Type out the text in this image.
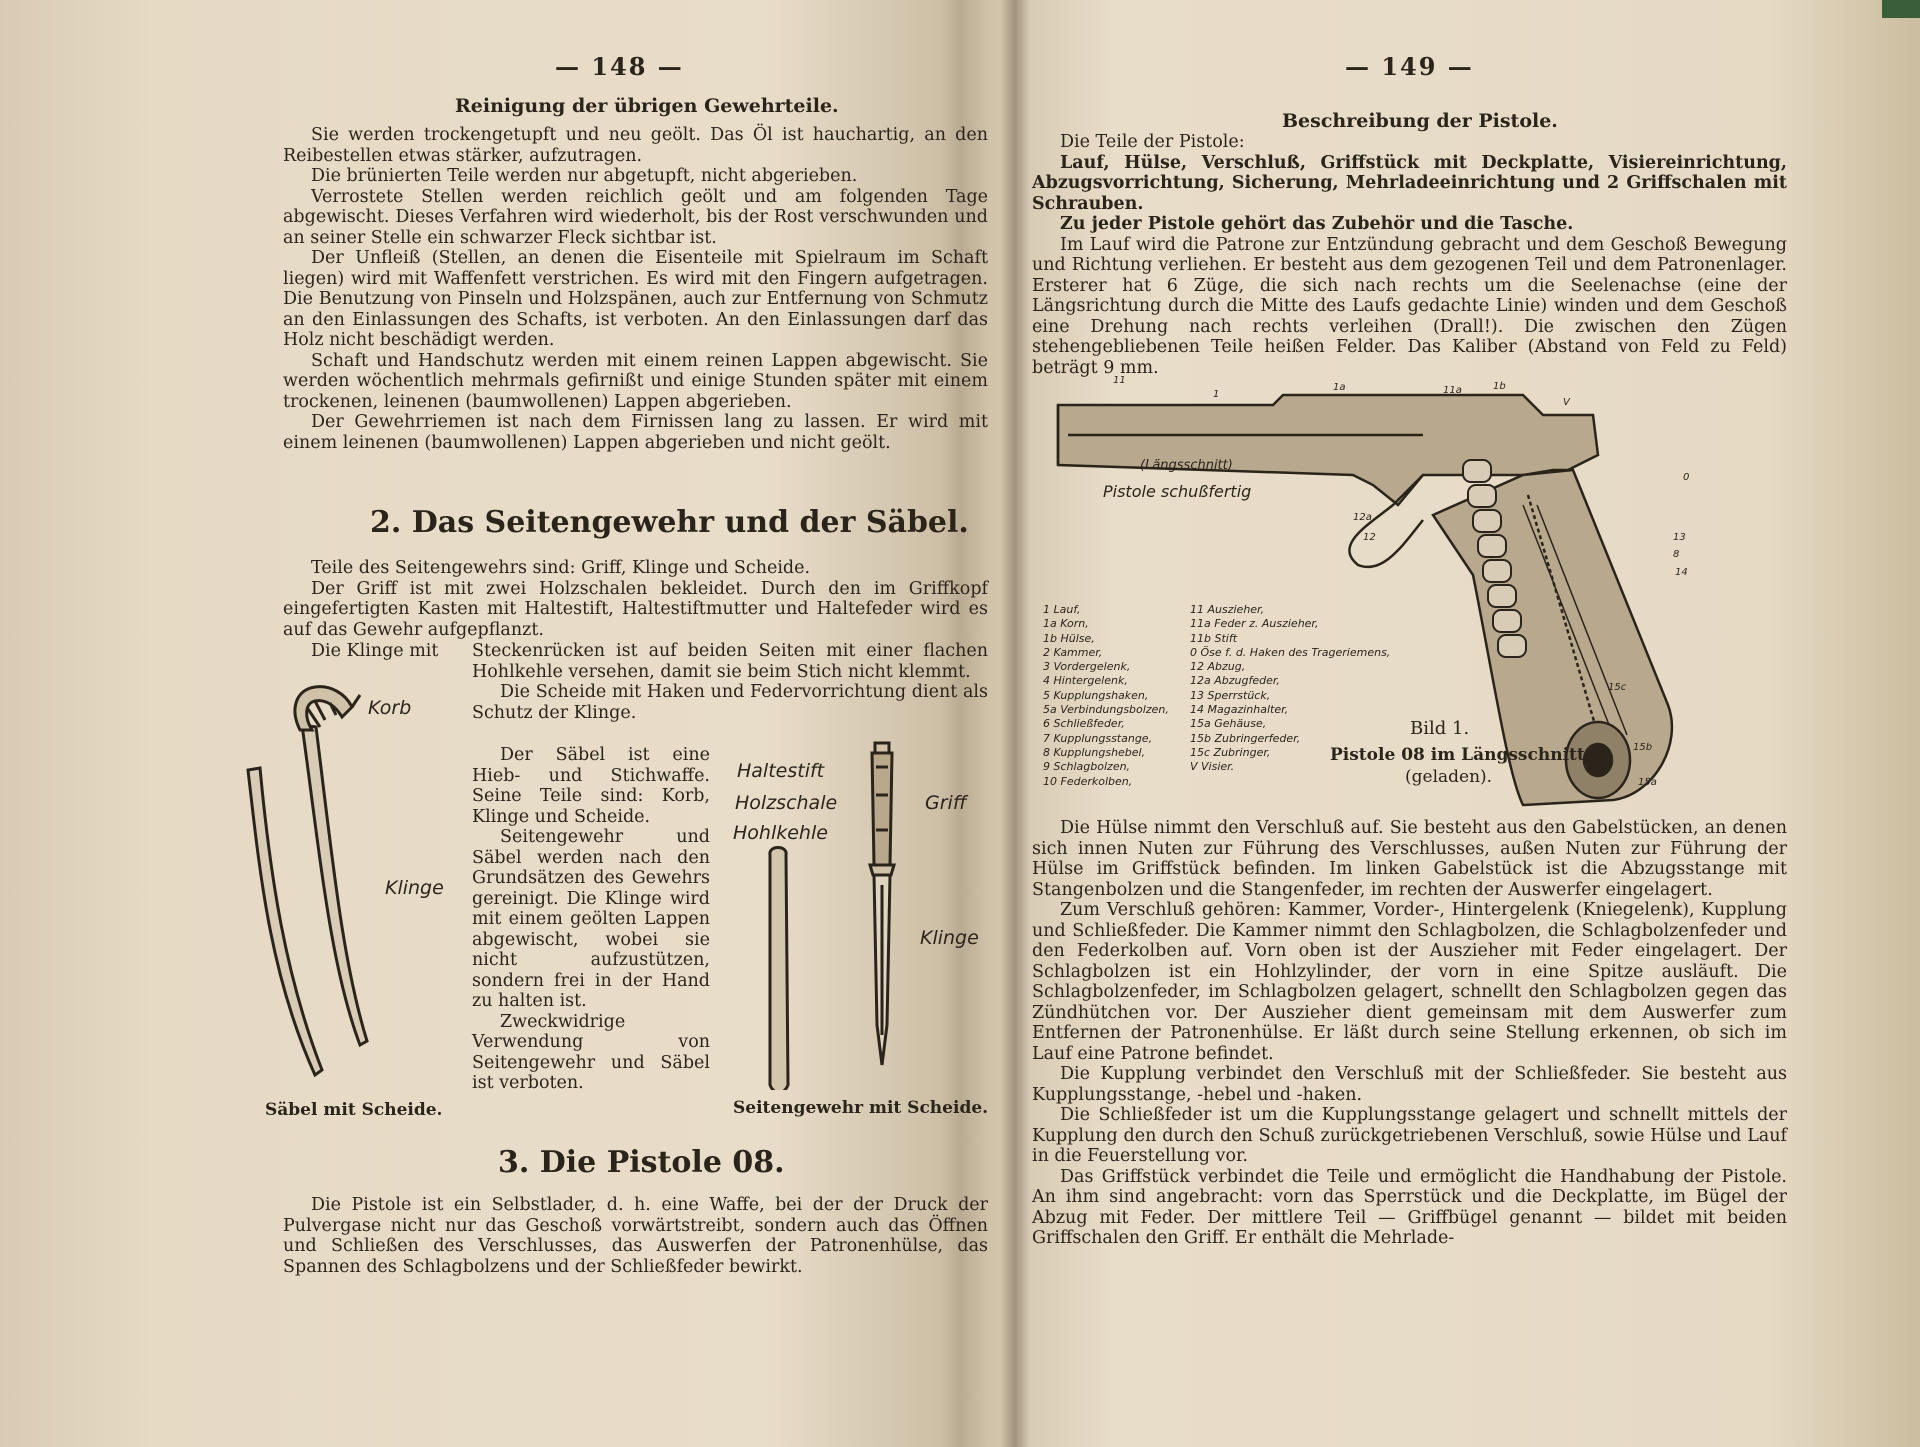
— 148 —
Reinigung der übrigen Gewehrteile.

Sie werden trockengetupft und neu geölt. Das Öl ist hauchartig, an den Reibestellen etwas stärker, aufzutragen.

Die brünierten Teile werden nur abgetupft, nicht abgerieben.

Verrostete Stellen werden reichlich geölt und am folgenden Tage abgewischt. Dieses Verfahren wird wiederholt, bis der Rost verschwunden und an seiner Stelle ein schwarzer Fleck sichtbar ist.

Der Unfleiß (Stellen, an denen die Eisenteile mit Spielraum im Schaft liegen) wird mit Waffenfett verstrichen. Es wird mit den Fingern aufgetragen. Die Benutzung von Pinseln und Holzspänen, auch zur Entfernung von Schmutz an den Einlassungen des Schafts, ist verboten. An den Einlassungen darf das Holz nicht beschädigt werden.

Schaft und Handschutz werden mit einem reinen Lappen abgewischt. Sie werden wöchentlich mehrmals gefirnißt und einige Stunden später mit einem trockenen, leinenen (baumwollenen) Lappen abgerieben.

Der Gewehrriemen ist nach dem Firnissen lang zu lassen. Er wird mit einem leinenen (baumwollenen) Lappen abgerieben und nicht geölt.

2. Das Seitengewehr und der Säbel.

Teile des Seitengewehrs sind: Griff, Klinge und Scheide.

Der Griff ist mit zwei Holzschalen bekleidet. Durch den im Griffkopf eingefertigten Kasten mit Haltestift, Haltestiftmutter und Haltefeder wird es auf das Gewehr aufgepflanzt.

Die Klinge mit	Steckenrücken ist auf beiden Seiten mit einer flachen Hohlkehle versehen, damit sie beim Stich nicht klemmt.

Die Scheide mit Haken und Federvorrichtung dient als Schutz der Klinge.

Der Säbel ist eine Hieb- und Stichwaffe. Seine Teile sind: Korb, Klinge und Scheide.

Seitengewehr und Säbel werden nach den Grundsätzen des Gewehrs gereinigt. Die Klinge wird mit einem geölten Lappen abgewischt, wobei sie nicht aufzustützen, sondern frei in der Hand zu halten ist.

Zweckwidrige Verwendung von Seitengewehr und Säbel ist verboten.

Korb
Klinge
Säbel mit Scheide.
Haltestift
Holzschale
Hohlkehle
Griff
Klinge
Seitengewehr mit Scheide.
3. Die Pistole 08.

Die Pistole ist ein Selbstlader, d. h. eine Waffe, bei der der Druck der Pulvergase nicht nur das Geschoß vorwärtstreibt, sondern auch das Öffnen und Schließen des Verschlusses, das Auswerfen der Patronenhülse, das Spannen des Schlagbolzens und der Schließfeder bewirkt.

— 149 —
Beschreibung der Pistole.

Die Teile der Pistole:

Lauf, Hülse, Verschluß, Griffstück mit Deckplatte, Visiereinrichtung, Abzugsvorrichtung, Sicherung, Mehrladeeinrichtung und 2 Griffschalen mit Schrauben.

Zu jeder Pistole gehört das Zubehör und die Tasche.

Im Lauf wird die Patrone zur Entzündung gebracht und dem Geschoß Bewegung und Richtung verliehen. Er besteht aus dem gezogenen Teil und dem Patronenlager. Ersterer hat 6 Züge, die sich nach rechts um die Seelenachse (eine der Längsrichtung durch die Mitte des Laufs gedachte Linie) winden und dem Geschoß eine Drehung nach rechts verleihen (Drall!). Die zwischen den Zügen stehengebliebenen Teile heißen Felder. Das Kaliber (Abstand von Feld zu Feld) beträgt 9 mm.

11
1
1a	11a	1b
V
12a
12
0
13
8
14
15c
15b
15a
(Längsschnitt)
Pistole schußfertig
1 Lauf,
1a Korn,
1b Hülse,
2 Kammer,
3 Vordergelenk,
4 Hintergelenk,
5 Kupplungshaken,
5a Verbindungsbolzen,
6 Schließfeder,
7 Kupplungsstange,
8 Kupplungshebel,
9 Schlagbolzen,
10 Federkolben,
11 Auszieher,
11a Feder z. Auszieher,
11b Stift
0 Öse f. d. Haken des Trageriemens,
12 Abzug,
12a Abzugfeder,
13 Sperrstück,
14 Magazinhalter,
15a Gehäuse,
15b Zubringerfeder,
15c Zubringer,
V Visier.
Bild 1.
Pistole 08 im Längsschnitt
(geladen).

Die Hülse nimmt den Verschluß auf. Sie besteht aus den Gabelstücken, an denen sich innen Nuten zur Führung des Verschlusses, außen Nuten zur Führung der Hülse im Griffstück befinden. Im linken Gabelstück ist die Abzugsstange mit Stangenbolzen und die Stangenfeder, im rechten der Auswerfer eingelagert.

Zum Verschluß gehören: Kammer, Vorder-, Hintergelenk (Kniegelenk), Kupplung und Schließfeder. Die Kammer nimmt den Schlagbolzen, die Schlagbolzenfeder und den Federkolben auf. Vorn oben ist der Auszieher mit Feder eingelagert. Der Schlagbolzen ist ein Hohlzylinder, der vorn in eine Spitze ausläuft. Die Schlagbolzenfeder, im Schlagbolzen gelagert, schnellt den Schlagbolzen gegen das Zündhütchen vor. Der Auszieher dient gemeinsam mit dem Auswerfer zum Entfernen der Patronenhülse. Er läßt durch seine Stellung erkennen, ob sich im Lauf eine Patrone befindet.

Die Kupplung verbindet den Verschluß mit der Schließfeder. Sie besteht aus Kupplungsstange, -hebel und -haken.

Die Schließfeder ist um die Kupplungsstange gelagert und schnellt mittels der Kupplung den durch den Schuß zurückgetriebenen Verschluß, sowie Hülse und Lauf in die Feuerstellung vor.

Das Griffstück verbindet die Teile und ermöglicht die Handhabung der Pistole. An ihm sind angebracht: vorn das Sperrstück und die Deckplatte, im Bügel der Abzug mit Feder. Der mittlere Teil — Griffbügel genannt — bildet mit beiden Griffschalen den Griff. Er enthält die Mehrlade-
